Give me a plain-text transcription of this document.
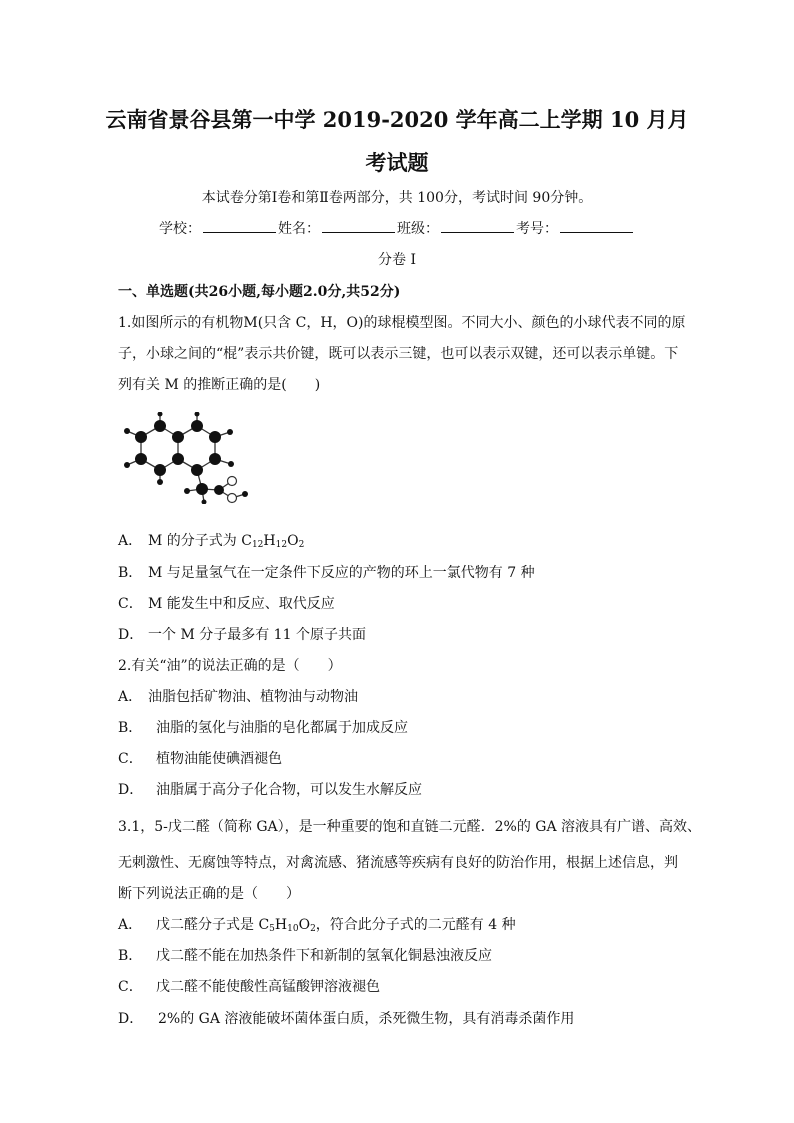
云南省景谷县第一中学 2019-2020 学年高二上学期 10 月月
考试题
本试卷分第Ⅰ卷和第Ⅱ卷两部分，共 100分，考试时间 90分钟。
学校：	姓名：	班级：	考号：
分卷 I
一、单选题(共26小题,每小题2.0分,共52分)
1.如图所示的有机物M(只含 C，H，O)的球棍模型图。不同大小、颜色的小球代表不同的原
子，小球之间的“棍”表示共价键，既可以表示三键，也可以表示双键，还可以表示单键。下
列有关 M 的推断正确的是(　　)
A． M 的分子式为 $C_{12}H_{12}O_2$
B． M 与足量氢气在一定条件下反应的产物的环上一氯代物有 7 种
C． M 能发生中和反应、取代反应
D． 一个 M 分子最多有 11 个原子共面
2.有关“油”的说法正确的是（　　）
A． 油脂包括矿物油、植物油与动物油
B． 油脂的氢化与油脂的皂化都属于加成反应
C． 植物油能使碘酒褪色
D． 油脂属于高分子化合物，可以发生水解反应
3.1，5-戊二醛（简称 GA），是一种重要的饱和直链二元醛．2%的 GA 溶液具有广谱、高效、
无刺激性、无腐蚀等特点，对禽流感、猪流感等疾病有良好的防治作用，根据上述信息，判
断下列说法正确的是（　　）
A． 戊二醛分子式是 $C_5H_{10}O_2$，符合此分子式的二元醛有 4 种
B． 戊二醛不能在加热条件下和新制的氢氧化铜悬浊液反应
C． 戊二醛不能使酸性高锰酸钾溶液褪色
D． 2%的 GA 溶液能破坏菌体蛋白质，杀死微生物，具有消毒杀菌作用
